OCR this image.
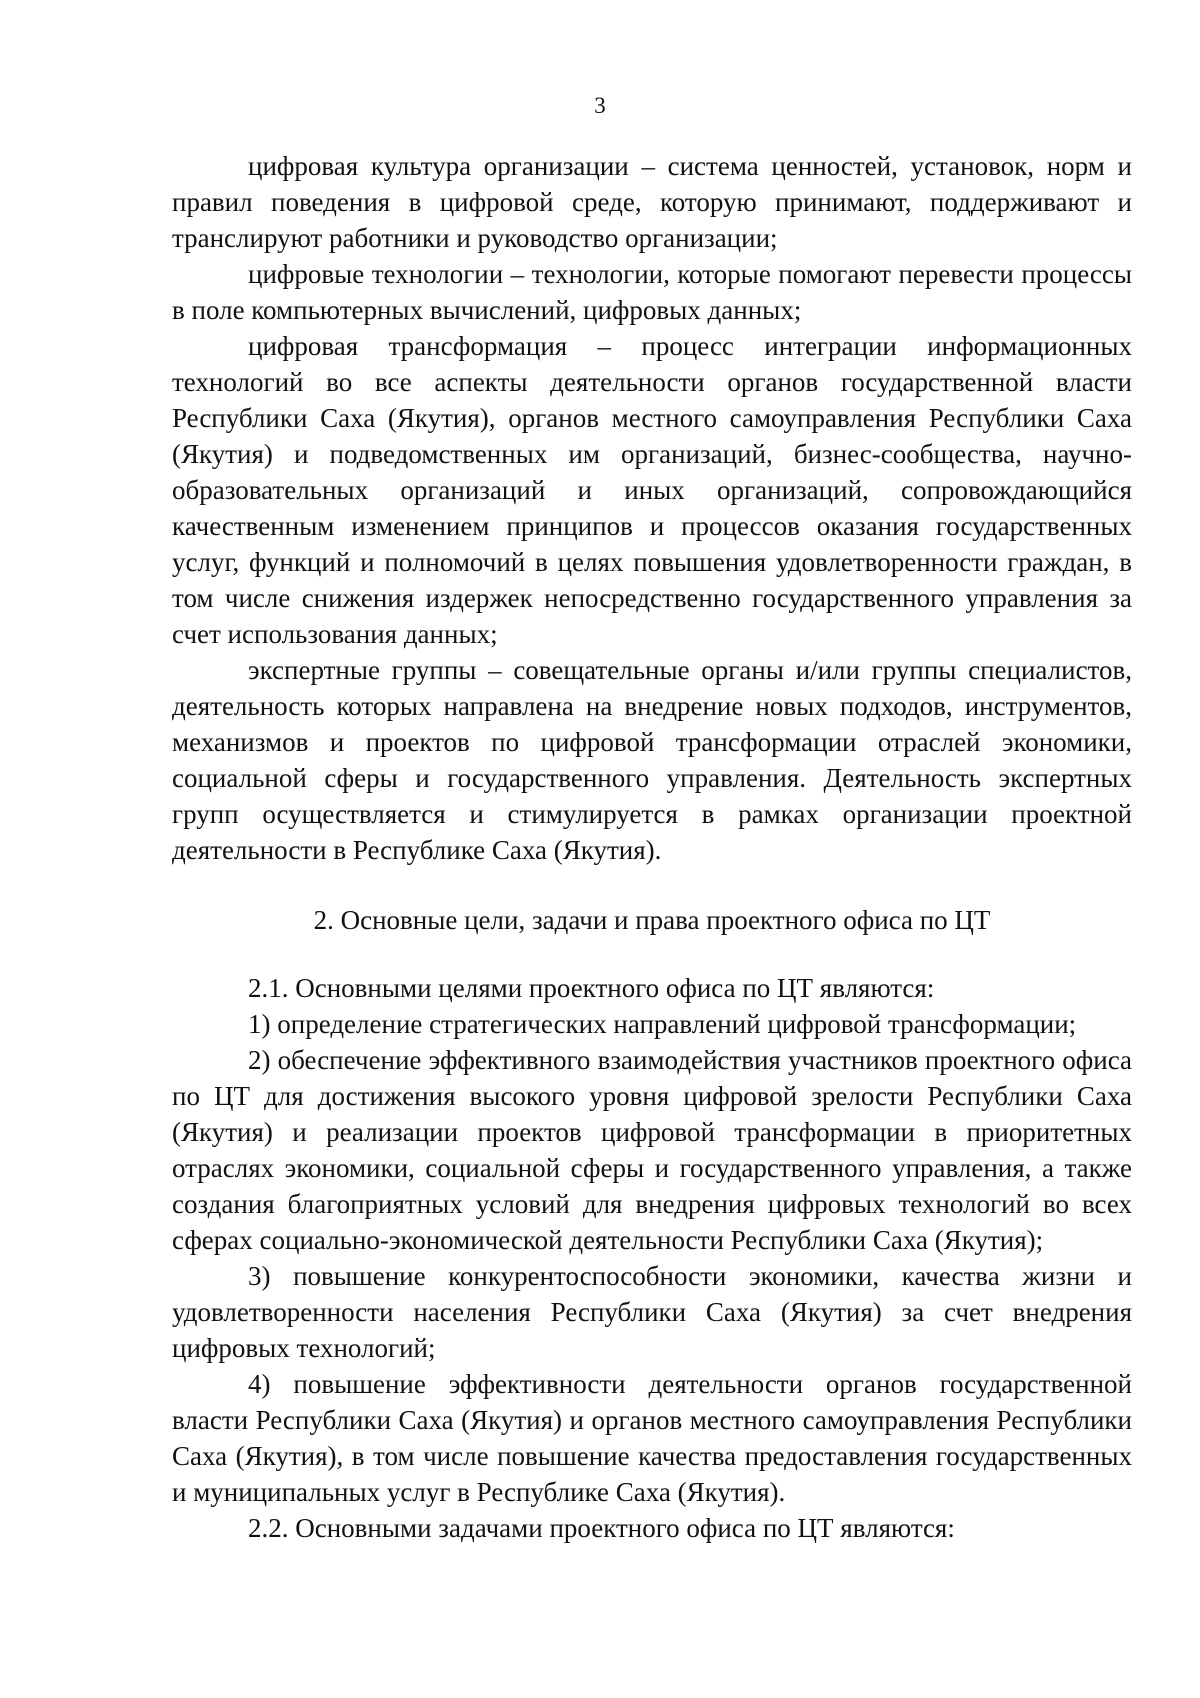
3

цифровая культура организации – система ценностей, установок, норм и правил поведения в цифровой среде, которую принимают, поддерживают и транслируют работники и руководство организации;

цифровые технологии – технологии, которые помогают перевести процессы в поле компьютерных вычислений, цифровых данных;

цифровая трансформация – процесс интеграции информационных технологий во все аспекты деятельности органов государственной власти Республики Саха (Якутия), органов местного самоуправления Республики Саха (Якутия) и подведомственных им организаций, бизнес-сообщества, научно-образовательных организаций и иных организаций, сопровождающийся качественным изменением принципов и процессов оказания государственных услуг, функций и полномочий в целях повышения удовлетворенности граждан, в том числе снижения издержек непосредственно государственного управления за счет использования данных;

экспертные группы – совещательные органы и/или группы специалистов, деятельность которых направлена на внедрение новых подходов, инструментов, механизмов и проектов по цифровой трансформации отраслей экономики, социальной сферы и государственного управления. Деятельность экспертных групп осуществляется и стимулируется в рамках организации проектной деятельности в Республике Саха (Якутия).

2. Основные цели, задачи и права проектного офиса по ЦТ

2.1. Основными целями проектного офиса по ЦТ являются:

1) определение стратегических направлений цифровой трансформации;

2) обеспечение эффективного взаимодействия участников проектного офиса по ЦТ для достижения высокого уровня цифровой зрелости Республики Саха (Якутия) и реализации проектов цифровой трансформации в приоритетных отраслях экономики, социальной сферы и государственного управления, а также создания благоприятных условий для внедрения цифровых технологий во всех сферах социально-экономической деятельности Республики Саха (Якутия);

3) повышение конкурентоспособности экономики, качества жизни и удовлетворенности населения Республики Саха (Якутия) за счет внедрения цифровых технологий;

4) повышение эффективности деятельности органов государственной власти Республики Саха (Якутия) и органов местного самоуправления Республики Саха (Якутия), в том числе повышение качества предоставления государственных и муниципальных услуг в Республике Саха (Якутия).

2.2. Основными задачами проектного офиса по ЦТ являются:
